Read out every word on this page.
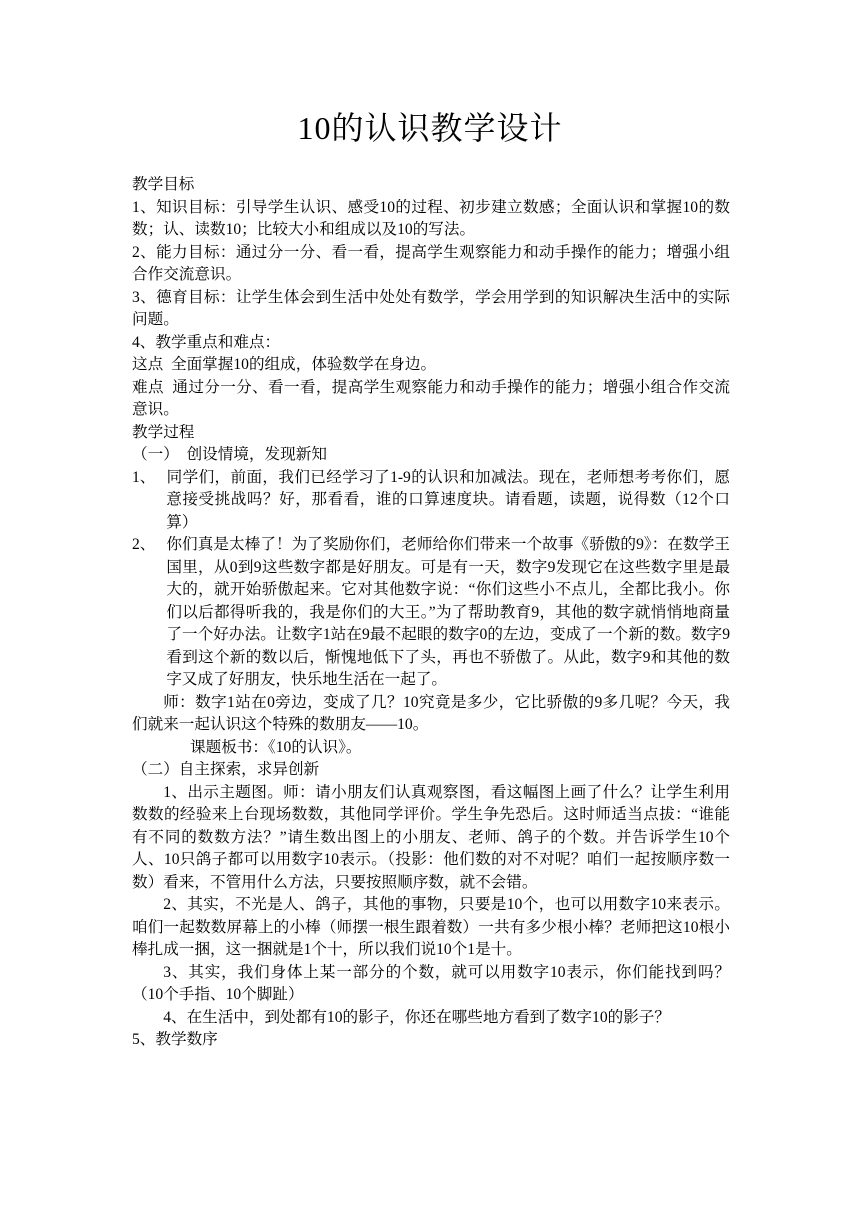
10的认识教学设计

教学目标

1、知识目标：引导学生认识、感受10的过程、初步建立数感；全面认识和掌握10的数数；认、读数10；比较大小和组成以及10的写法。

2、能力目标：通过分一分、看一看，提高学生观察能力和动手操作的能力；增强小组合作交流意识。

3、德育目标：让学生体会到生活中处处有数学，学会用学到的知识解决生活中的实际问题。

4、教学重点和难点：

这点  全面掌握10的组成，体验数学在身边。

难点  通过分一分、看一看，提高学生观察能力和动手操作的能力；增强小组合作交流意识。

教学过程

（一）  创设情境，发现新知

1、 同学们，前面，我们已经学习了1-9的认识和加减法。现在，老师想考考你们，愿意接受挑战吗？好，那看看，谁的口算速度块。请看题，读题，说得数（12个口算）

2、 你们真是太棒了！为了奖励你们，老师给你们带来一个故事《骄傲的9》：在数学王国里，从0到9这些数字都是好朋友。可是有一天，数字9发现它在这些数字里是最大的，就开始骄傲起来。它对其他数字说：“你们这些小不点儿，全都比我小。你们以后都得听我的，我是你们的大王。”为了帮助教育9，其他的数字就悄悄地商量了一个好办法。让数字1站在9最不起眼的数字0的左边，变成了一个新的数。数字9看到这个新的数以后，惭愧地低下了头，再也不骄傲了。从此，数字9和其他的数字又成了好朋友，快乐地生活在一起了。

师：数字1站在0旁边，变成了几？10究竟是多少，它比骄傲的9多几呢？今天，我们就来一起认识这个特殊的数朋友——10。

课题板书：《10的认识》。

（二）自主探索，求异创新

1、出示主题图。师：请小朋友们认真观察图，看这幅图上画了什么？让学生利用数数的经验来上台现场数数，其他同学评价。学生争先恐后。这时师适当点拔：“谁能有不同的数数方法？”请生数出图上的小朋友、老师、鸽子的个数。并告诉学生10个人、10只鸽子都可以用数字10表示。（投影：他们数的对不对呢？咱们一起按顺序数一数）看来，不管用什么方法，只要按照顺序数，就不会错。

2、其实，不光是人、鸽子，其他的事物，只要是10个，也可以用数字10来表示。咱们一起数数屏幕上的小棒（师摆一根生跟着数）一共有多少根小棒？老师把这10根小棒扎成一捆，这一捆就是1个十，所以我们说10个1是十。

3、其实，我们身体上某一部分的个数，就可以用数字10表示，你们能找到吗？（10个手指、10个脚趾）

4、在生活中，到处都有10的影子，你还在哪些地方看到了数字10的影子？

5、教学数序
